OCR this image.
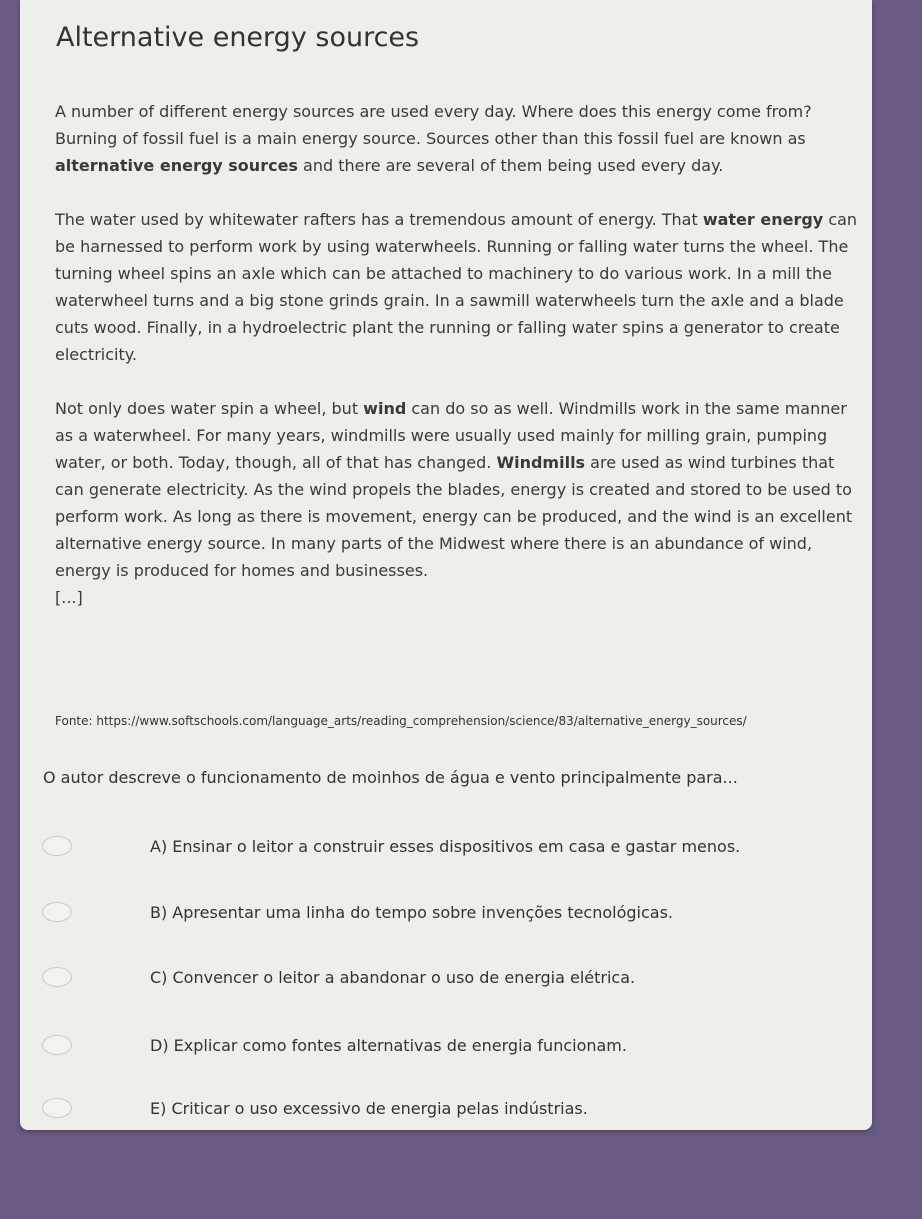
Alternative energy sources

A number of different energy sources are used every day. Where does this energy come from? Burning of fossil fuel is a main energy source. Sources other than this fossil fuel are known as alternative energy sources and there are several of them being used every day.

The water used by whitewater rafters has a tremendous amount of energy. That water energy can be harnessed to perform work by using waterwheels. Running or falling water turns the wheel. The turning wheel spins an axle which can be attached to machinery to do various work. In a mill the waterwheel turns and a big stone grinds grain. In a sawmill waterwheels turn the axle and a blade cuts wood. Finally, in a hydroelectric plant the running or falling water spins a generator to create electricity.

Not only does water spin a wheel, but wind can do so as well. Windmills work in the same manner as a waterwheel. For many years, windmills were usually used mainly for milling grain, pumping water, or both. Today, though, all of that has changed. Windmills are used as wind turbines that can generate electricity. As the wind propels the blades, energy is created and stored to be used to perform work. As long as there is movement, energy can be produced, and the wind is an excellent alternative energy source. In many parts of the Midwest where there is an abundance of wind, energy is produced for homes and businesses.

[...]

Fonte: https://www.softschools.com/language_arts/reading_comprehension/science/83/alternative_energy_sources/
O autor descreve o funcionamento de moinhos de água e vento principalmente para...
A) Ensinar o leitor a construir esses dispositivos em casa e gastar menos.
B) Apresentar uma linha do tempo sobre invenções tecnológicas.
C) Convencer o leitor a abandonar o uso de energia elétrica.
D) Explicar como fontes alternativas de energia funcionam.
E) Criticar o uso excessivo de energia pelas indústrias.
